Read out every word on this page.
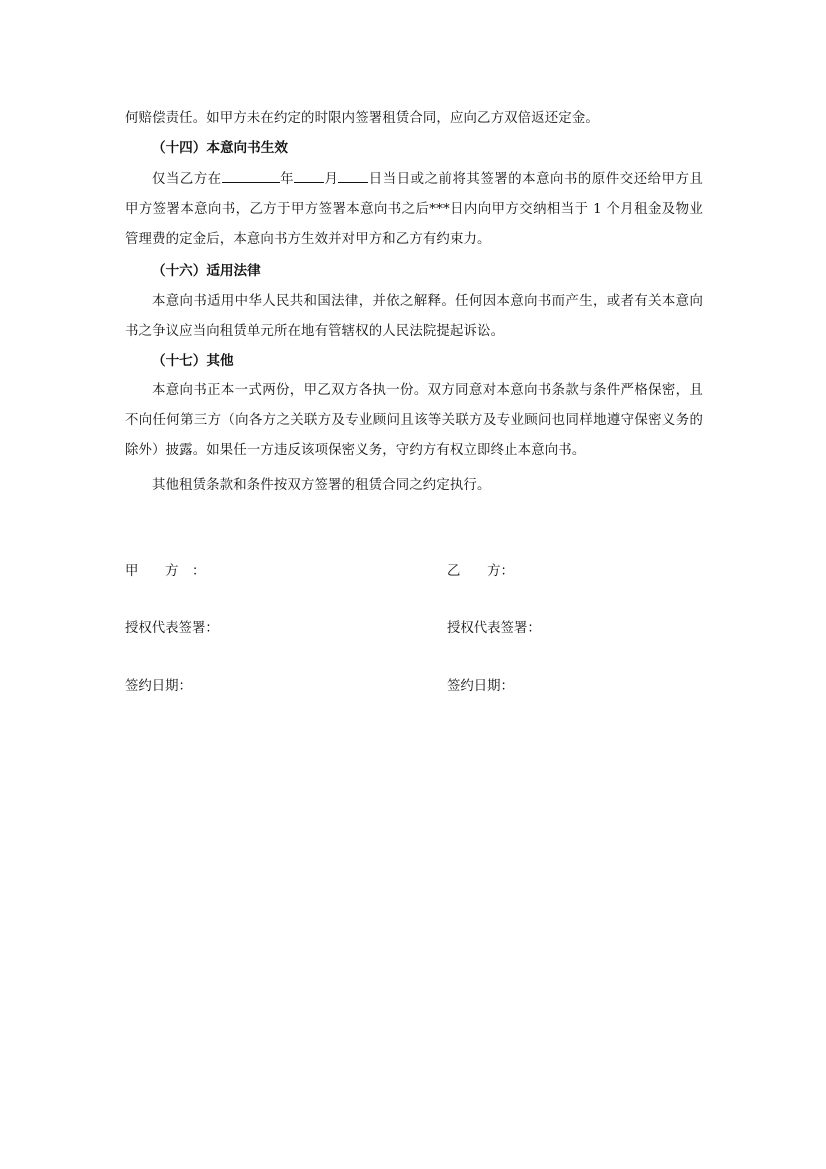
何赔偿责任。如甲方未在约定的时限内签署租赁合同，应向乙方双倍返还定金。
（十四）本意向书生效
仅当乙方在	年 月 日当日或之前将其签署的本意向书的原件交还给甲方且甲方签署本意向书，乙方于甲方签署本意向书之后***日内向甲方交纳相当于 1 个月租金及物业管理费的定金后，本意向书方生效并对甲方和乙方有约束力。
（十六）适用法律
本意向书适用中华人民共和国法律，并依之解释。任何因本意向书而产生，或者有关本意向书之争议应当向租赁单元所在地有管辖权的人民法院提起诉讼。
（十七）其他
本意向书正本一式两份，甲乙双方各执一份。双方同意对本意向书条款与条件严格保密，且不向任何第三方（向各方之关联方及专业顾问且该等关联方及专业顾问也同样地遵守保密义务的除外）披露。如果任一方违反该项保密义务，守约方有权立即终止本意向书。
其他租赁条款和条件按双方签署的租赁合同之约定执行。
甲　　方　：	乙　　方：
授权代表签署：	授权代表签署：
签约日期：	签约日期：
